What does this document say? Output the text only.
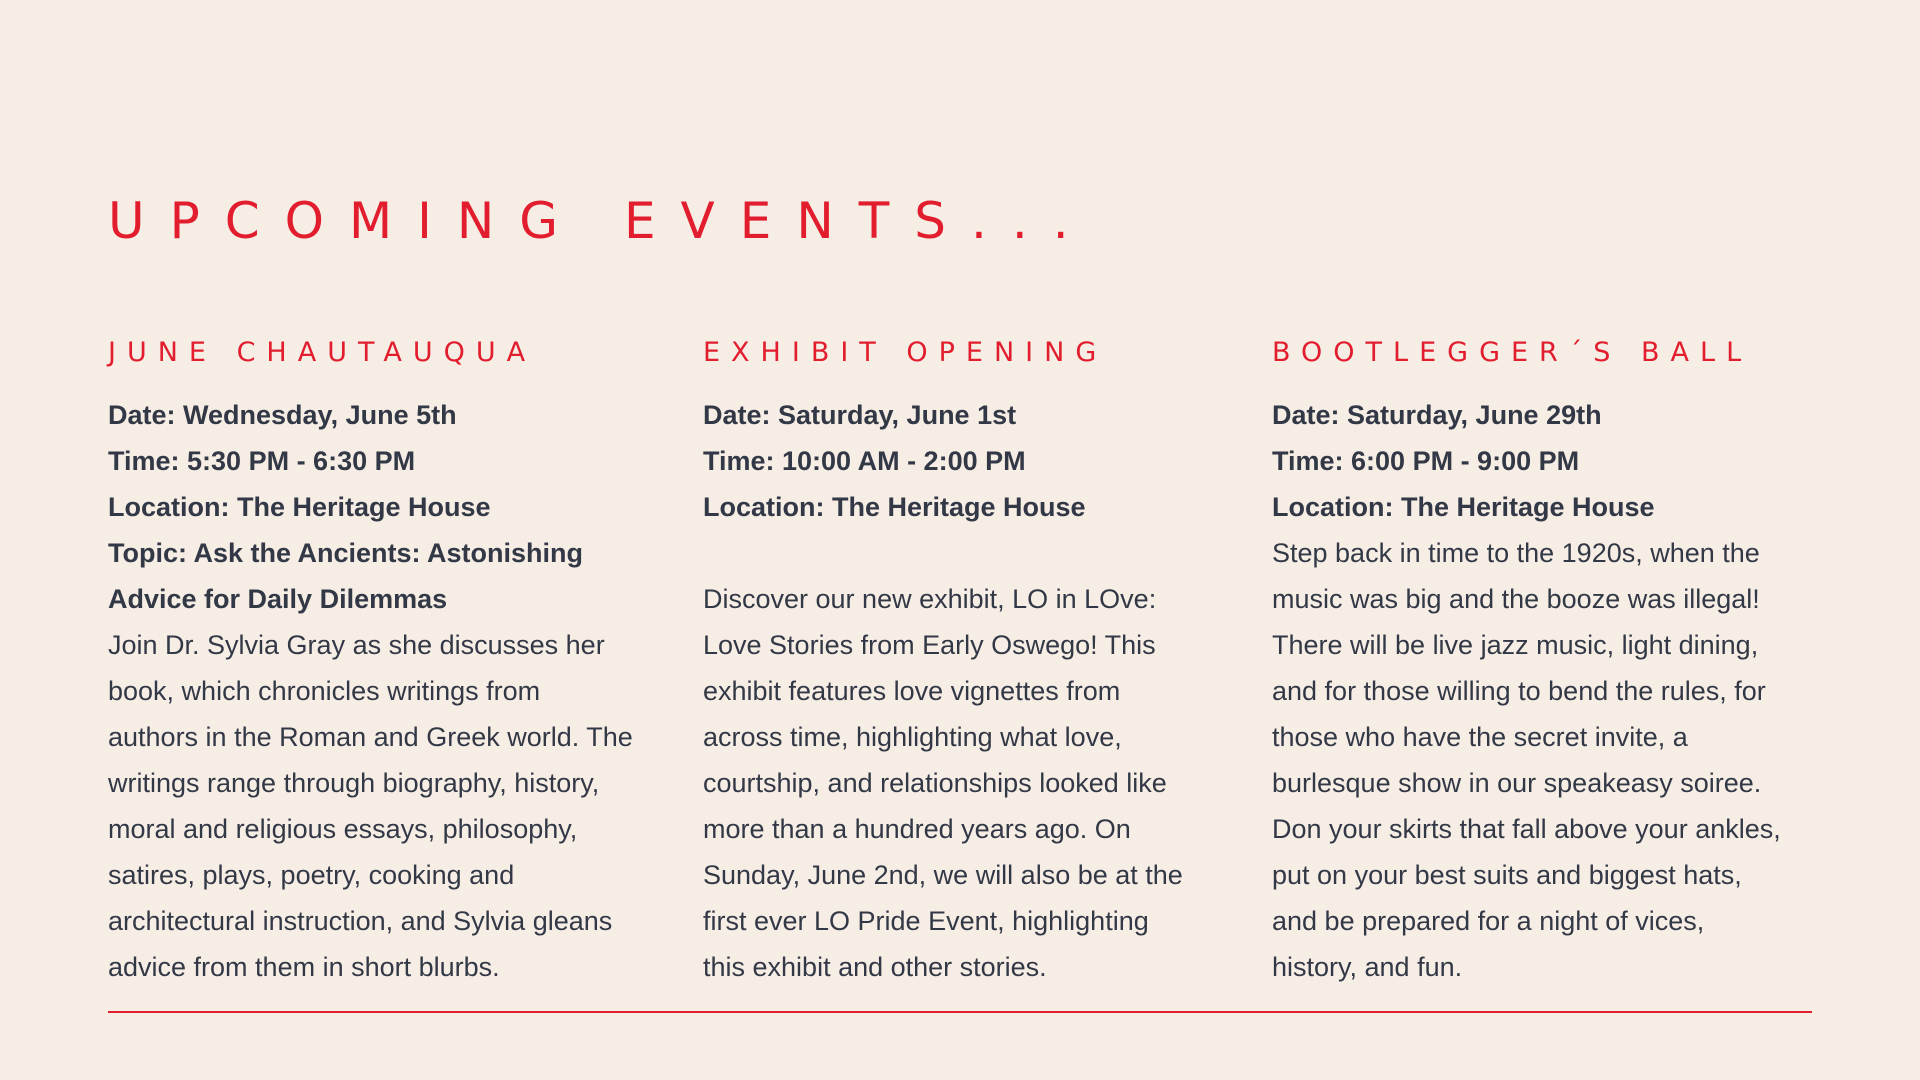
UPCOMING EVENTS...
JUNE CHAUTAUQUA
Date: Wednesday, June 5th
Time: 5:30 PM - 6:30 PM
Location: The Heritage House
Topic: Ask the Ancients: Astonishing
Advice for Daily Dilemmas

Join Dr. Sylvia Gray as she discusses her
book, which chronicles writings from
authors in the Roman and Greek world. The
writings range through biography, history,
moral and religious essays, philosophy,
satires, plays, poetry, cooking and
architectural instruction, and Sylvia gleans
advice from them in short blurbs.

EXHIBIT OPENING
Date: Saturday, June 1st
Time: 10:00 AM - 2:00 PM
Location: The Heritage House

Discover our new exhibit, LO in LOve:
Love Stories from Early Oswego! This
exhibit features love vignettes from
across time, highlighting what love,
courtship, and relationships looked like
more than a hundred years ago. On
Sunday, June 2nd, we will also be at the
first ever LO Pride Event, highlighting
this exhibit and other stories.

BOOTLEGGER´S BALL
Date: Saturday, June 29th
Time: 6:00 PM - 9:00 PM
Location: The Heritage House

Step back in time to the 1920s, when the
music was big and the booze was illegal!
There will be live jazz music, light dining,
and for those willing to bend the rules, for
those who have the secret invite, a
burlesque show in our speakeasy soiree.
Don your skirts that fall above your ankles,
put on your best suits and biggest hats,
and be prepared for a night of vices,
history, and fun.
